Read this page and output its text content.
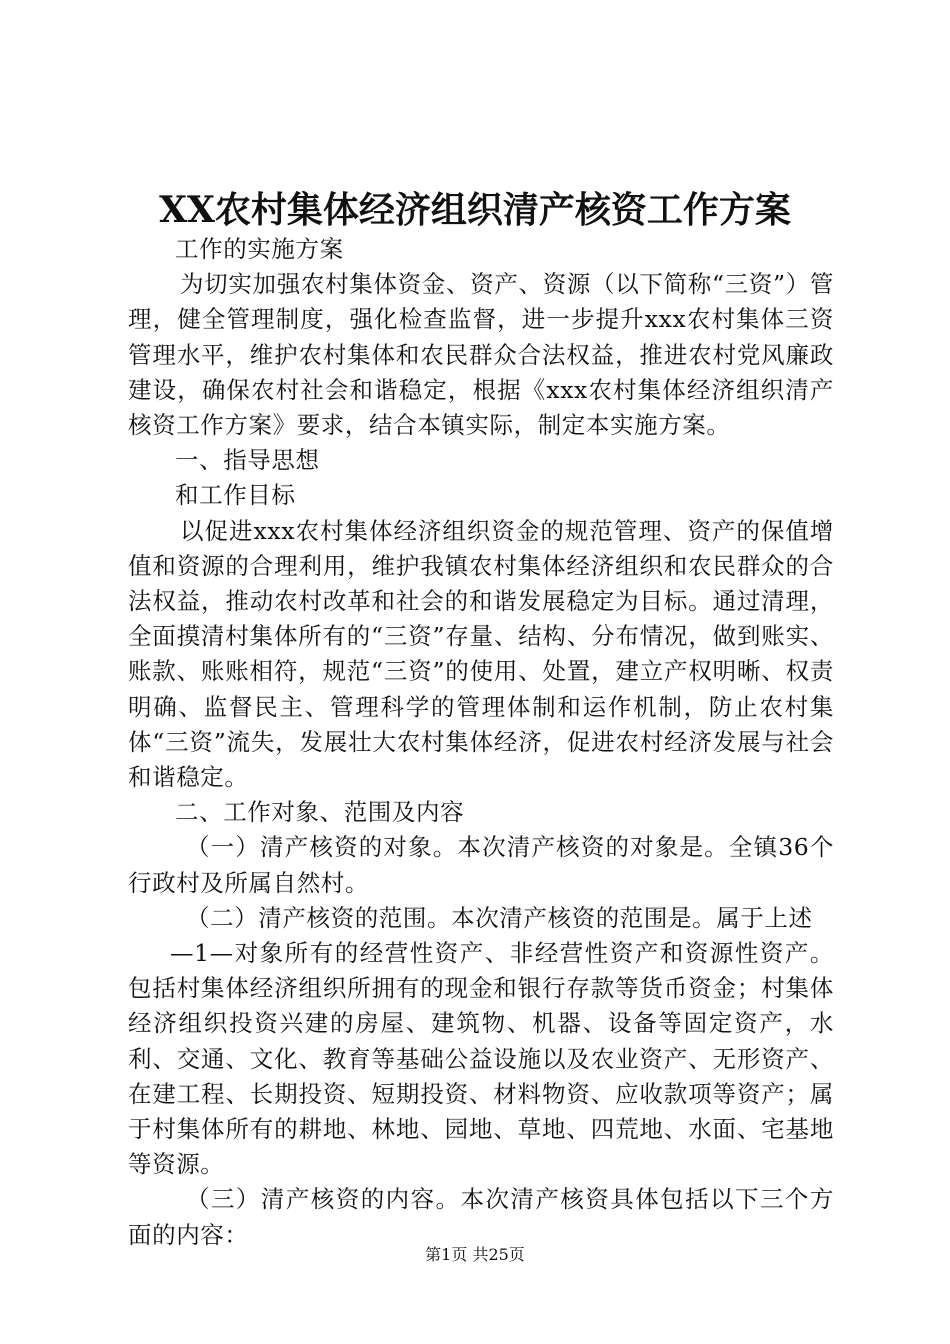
XX农村集体经济组织清产核资工作方案

工作的实施方案

为切实加强农村集体资金、资产、资源（以下简称“三资”）管理，健全管理制度，强化检查监督，进一步提升xxx农村集体三资管理水平，维护农村集体和农民群众合法权益，推进农村党风廉政建设，确保农村社会和谐稳定，根据《xxx农村集体经济组织清产核资工作方案》要求，结合本镇实际，制定本实施方案。

一、指导思想

和工作目标

以促进xxx农村集体经济组织资金的规范管理、资产的保值增值和资源的合理利用，维护我镇农村集体经济组织和农民群众的合法权益，推动农村改革和社会的和谐发展稳定为目标。通过清理，全面摸清村集体所有的“三资”存量、结构、分布情况，做到账实、账款、账账相符，规范“三资”的使用、处置，建立产权明晰、权责明确、监督民主、管理科学的管理体制和运作机制，防止农村集体“三资”流失，发展壮大农村集体经济，促进农村经济发展与社会和谐稳定。

二、工作对象、范围及内容

（一）清产核资的对象。本次清产核资的对象是。全镇36个行政村及所属自然村。

（二）清产核资的范围。本次清产核资的范围是。属于上述

—1—对象所有的经营性资产、非经营性资产和资源性资产。包括村集体经济组织所拥有的现金和银行存款等货币资金；村集体经济组织投资兴建的房屋、建筑物、机器、设备等固定资产，水利、交通、文化、教育等基础公益设施以及农业资产、无形资产、在建工程、长期投资、短期投资、材料物资、应收款项等资产；属于村集体所有的耕地、林地、园地、草地、四荒地、水面、宅基地等资源。

（三）清产核资的内容。本次清产核资具体包括以下三个方面的内容：

第1页 共25页
